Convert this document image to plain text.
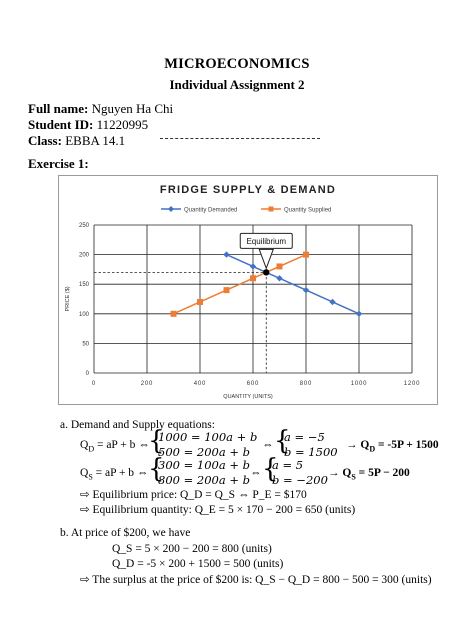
MICROECONOMICS
Individual Assignment 2
Full name: Nguyen Ha Chi
Student ID: 11220995
Class: EBBA 14.1
Exercise 1:
FRIDGE SUPPLY & DEMAND
Quantity Demanded	Quantity Supplied
0
50
100
150
200
250
0	200	400	600	800	1000	1200
QUANTITY (UNITS)
PRICE ($)
Equilibrium
a. Demand and Supply equations:
$Q_D$ = aP + b ⇔
{
1000 = 100a + b
500 = 200a + b ⇔ {
a = −5
$b = 1500 \to Q_D = -5P + 1500$
$Q_S$ = aP + b ⇔ {
300 = 100a + b
800 = 200a + b ⇔ {
a = 5
$b = -200 \to Q_S = 5P - 200$
⇨ Equilibrium price: Q_D = Q_S ⇔ P_E = $170
⇨ Equilibrium quantity: Q_E = 5 × 170 − 200 = 650 (units)
b. At price of $200, we have
Q_S = 5 × 200 − 200 = 800 (units)
Q_D = -5 × 200 + 1500 = 500 (units)
⇨ The surplus at the price of $200 is: Q_S − Q_D = 800 − 500 = 300 (units)
